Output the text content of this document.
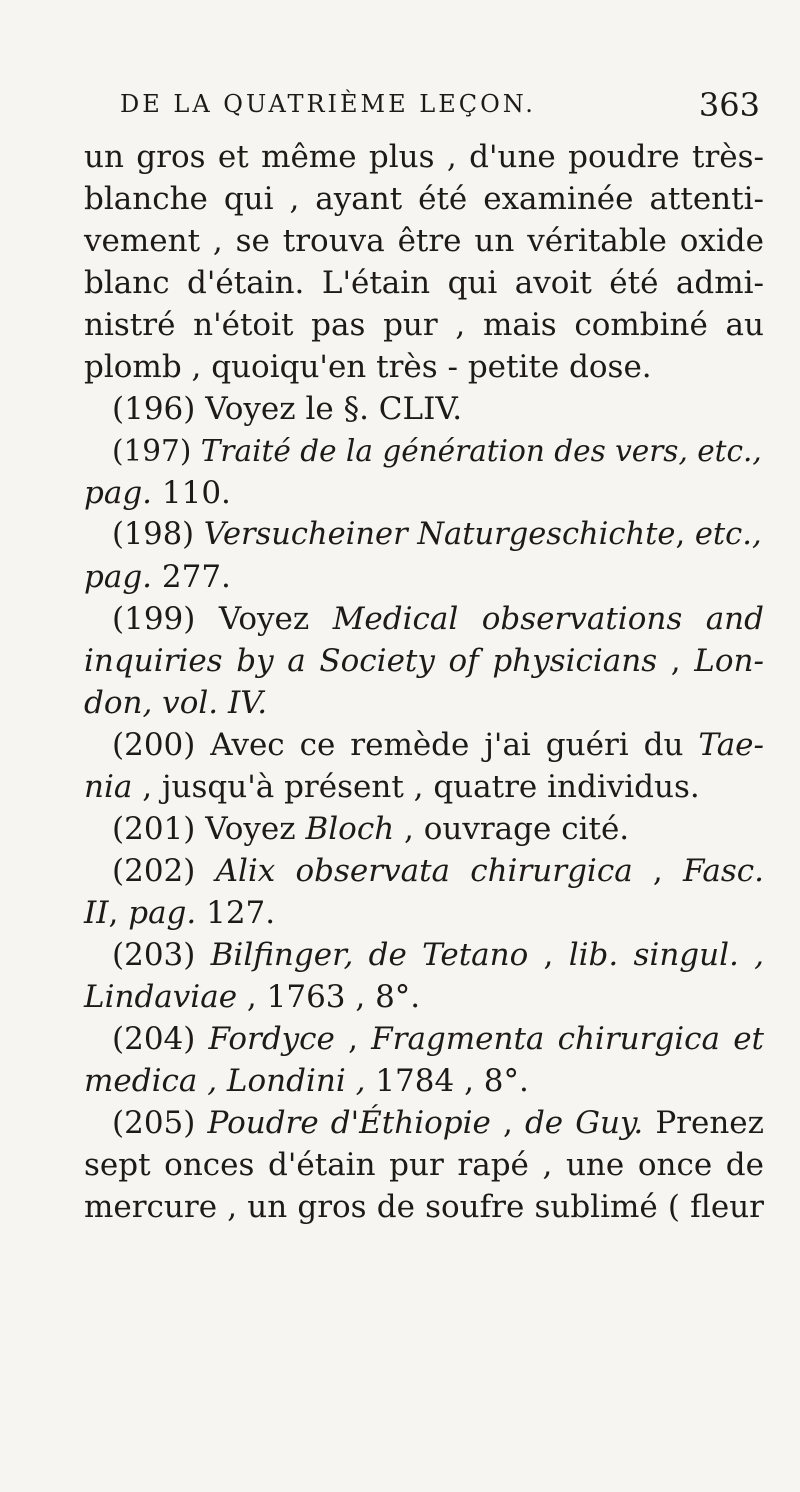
DE LA QUATRIÈME LEÇON.	363
un gros et même plus , d'une poudre très-
blanche qui , ayant été examinée attenti-
vement , se trouva être un véritable oxide
blanc d'étain. L'étain qui avoit été admi-
nistré n'étoit pas pur , mais combiné au
plomb , quoiqu'en très - petite dose.
(196) Voyez le §. CLIV.
(197) Traité de la génération des vers, etc.,
pag. 110.
(198) Versucheiner Naturgeschichte, etc.,
pag. 277.
(199) Voyez Medical observations and
inquiries by a Society of physicians , Lon-
don, vol. IV.
(200) Avec ce remède j'ai guéri du Tae-
nia , jusqu'à présent , quatre individus.
(201) Voyez Bloch , ouvrage cité.
(202) Alix observata chirurgica , Fasc.
II, pag. 127.
(203) Bilfinger, de Tetano , lib. singul. ,
Lindaviae , 1763 , 8°.
(204) Fordyce , Fragmenta chirurgica et
medica , Londini , 1784 , 8°.
(205) Poudre d'Éthiopie , de Guy. Prenez
sept onces d'étain pur rapé , une once de
mercure , un gros de soufre sublimé ( fleur
